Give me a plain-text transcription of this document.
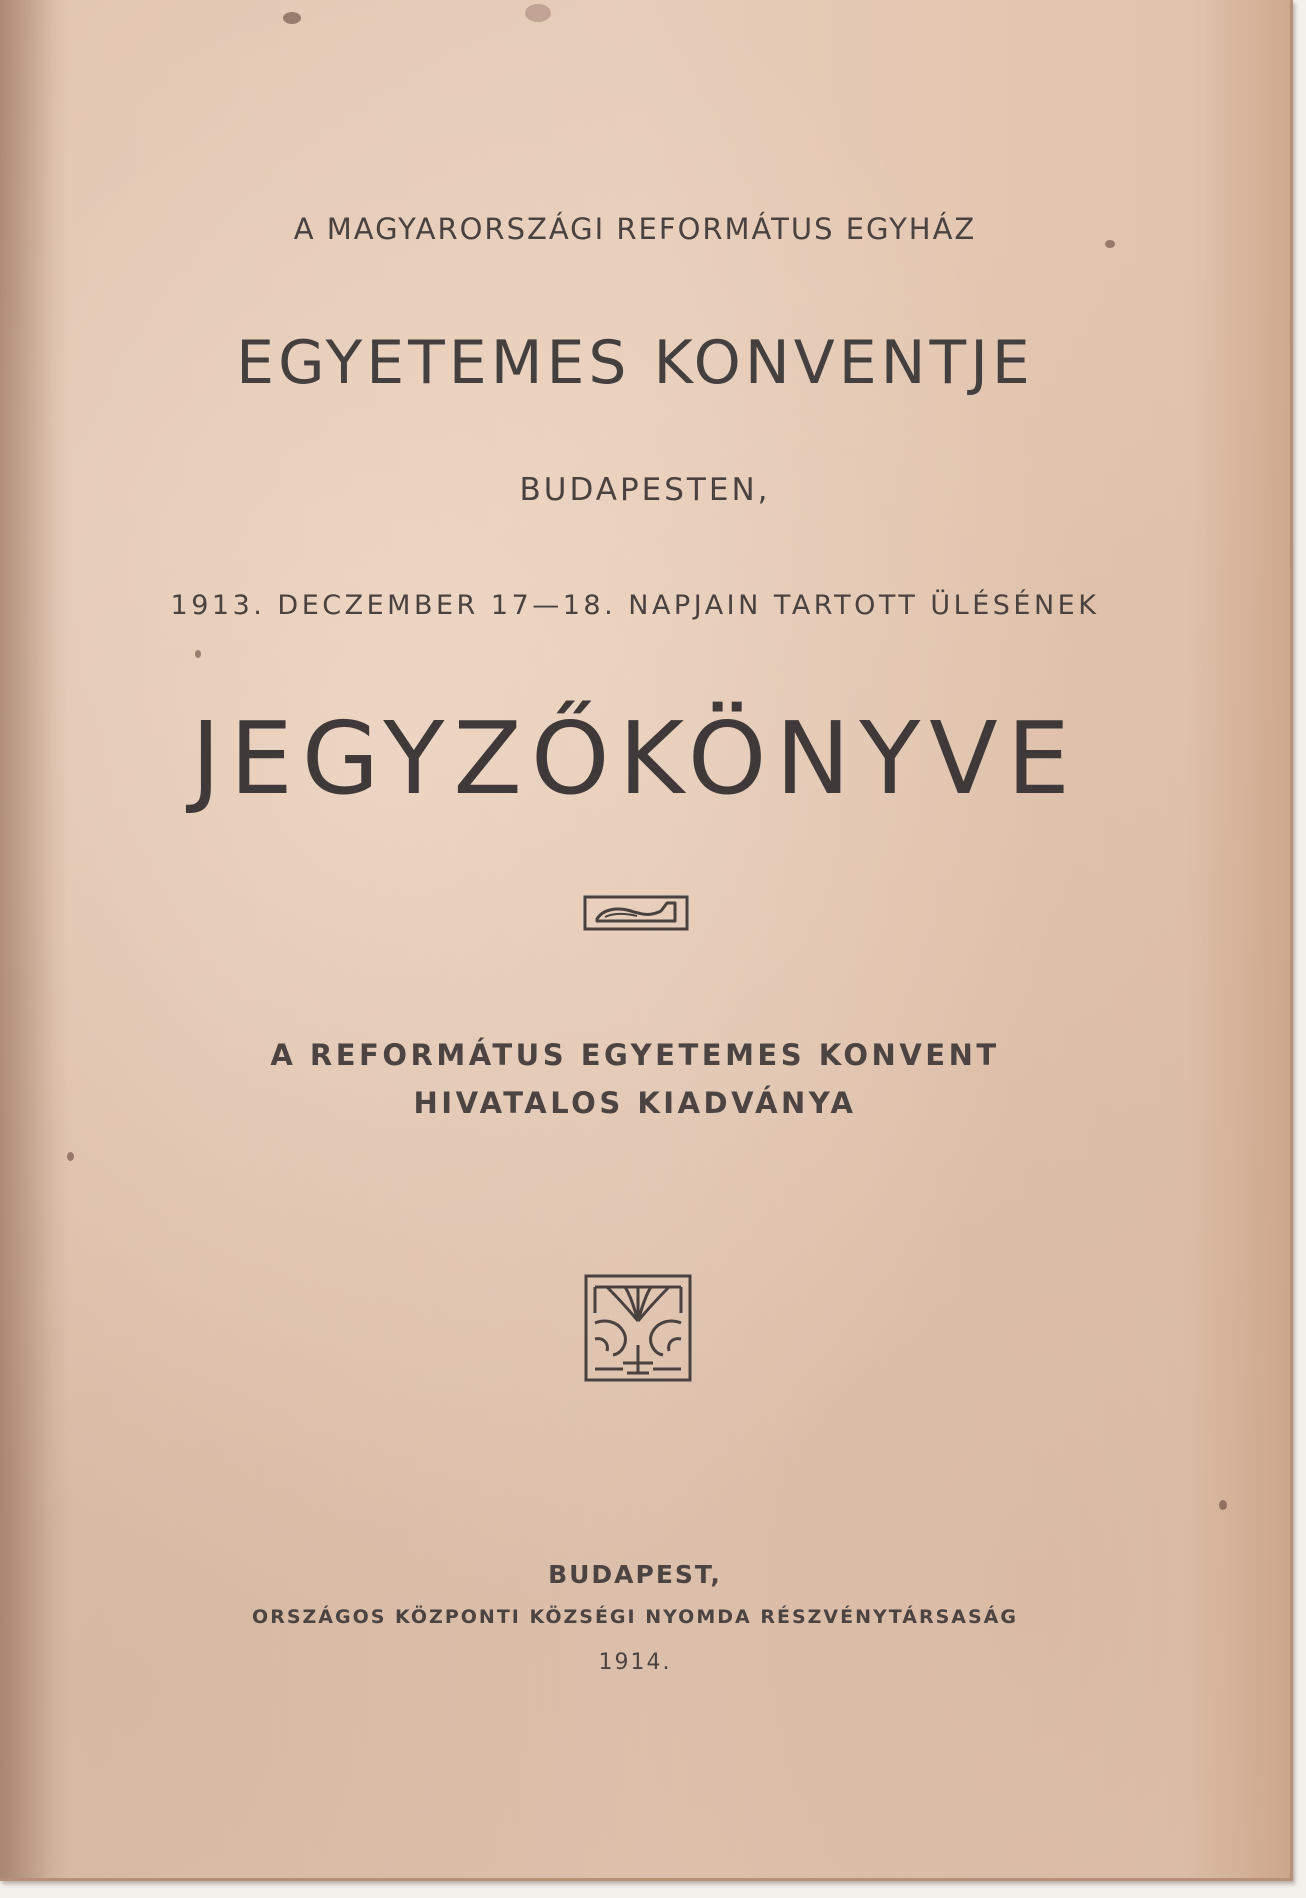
A MAGYARORSZÁGI REFORMÁTUS EGYHÁZ
EGYETEMES KONVENTJE
BUDAPESTEN,
1913. DECZEMBER 17—18. NAPJAIN TARTOTT ÜLÉSÉNEK
JEGYZŐKÖNYVE
A REFORMÁTUS EGYETEMES KONVENT
HIVATALOS KIADVÁNYA
BUDAPEST,
ORSZÁGOS KÖZPONTI KÖZSÉGI NYOMDA RÉSZVÉNYTÁRSASÁG
1914.
